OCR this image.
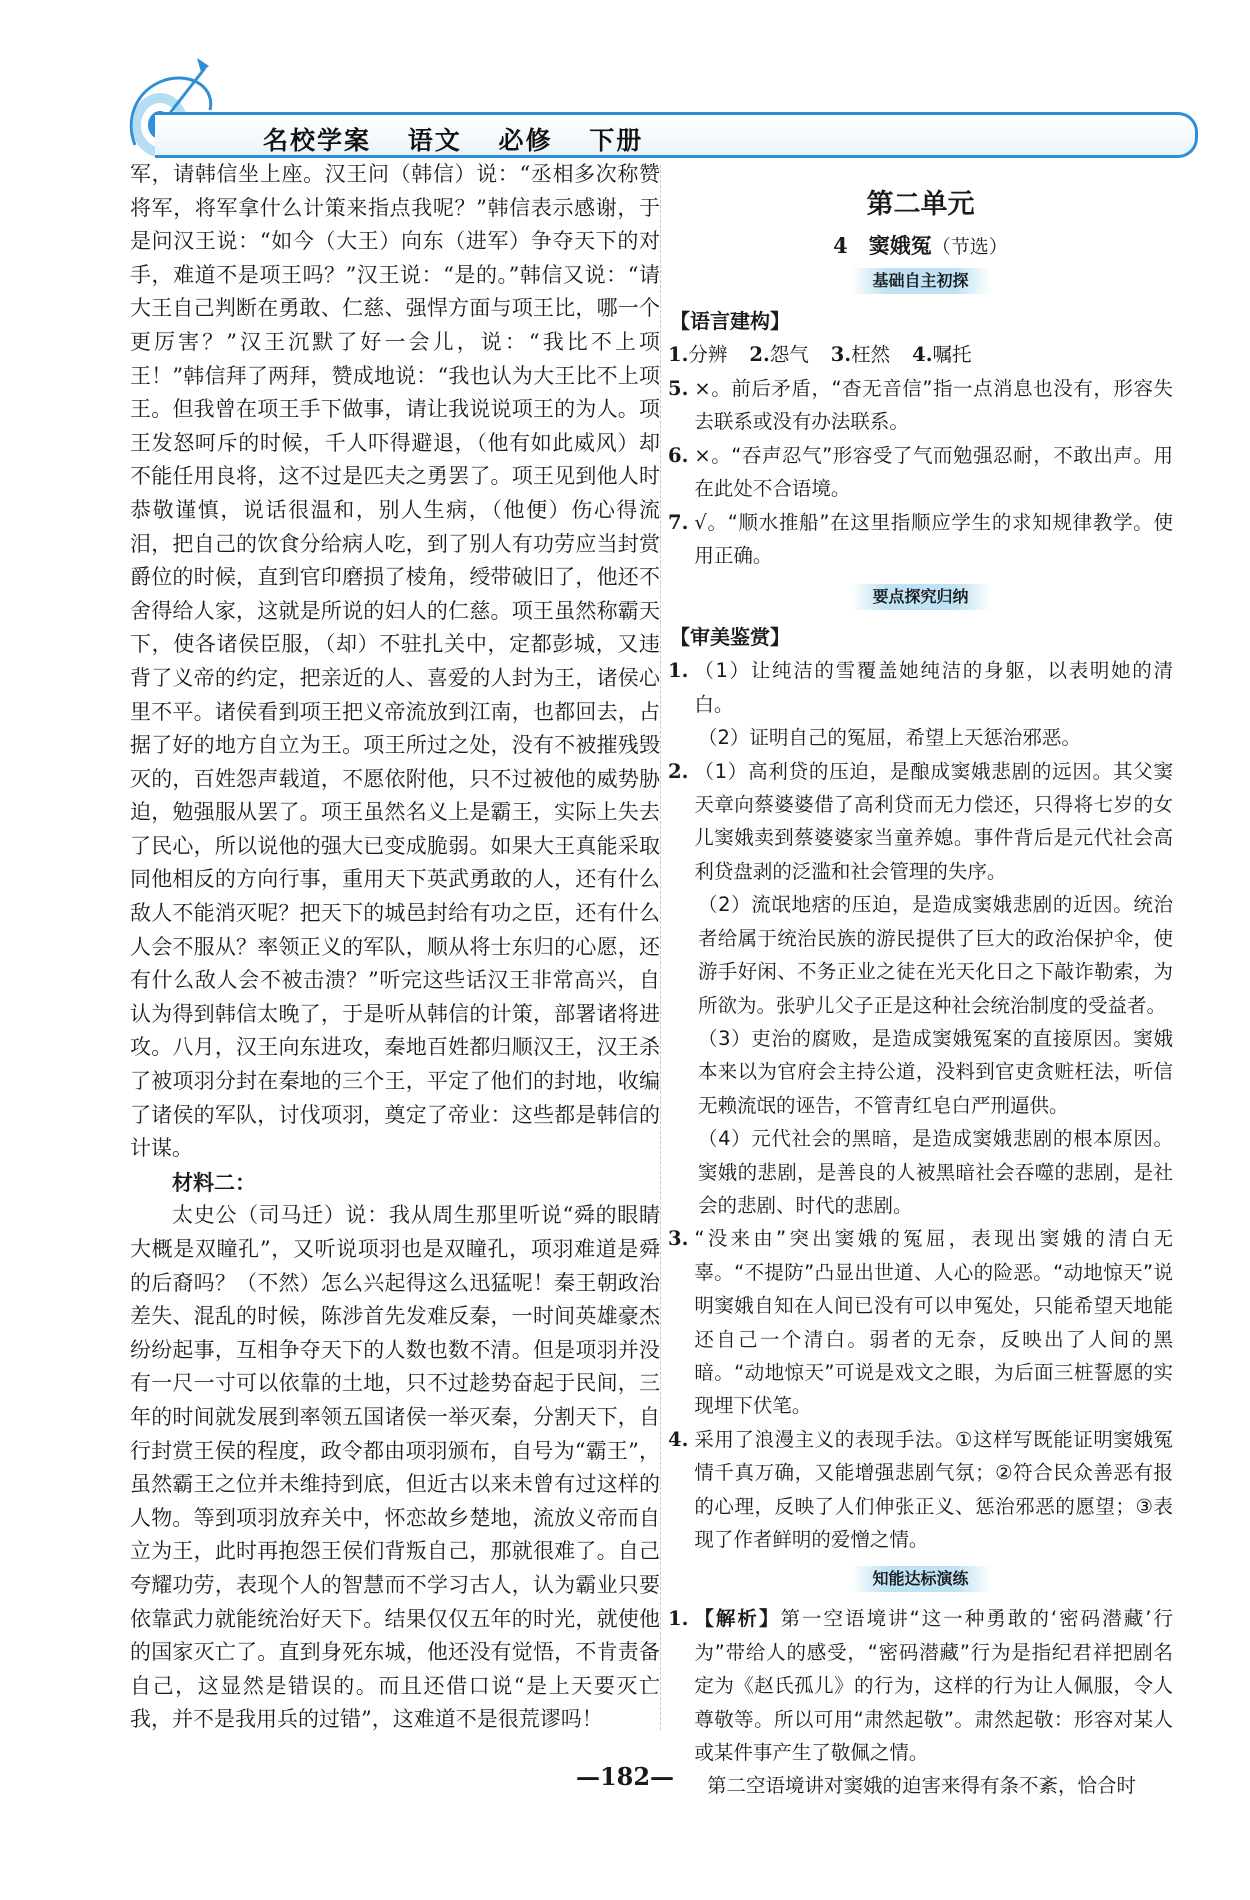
名校学案 语文 必修 下册

军，请韩信坐上座。汉王问（韩信）说：“丞相多次称赞将军，将军拿什么计策来指点我呢？”韩信表示感谢，于是问汉王说：“如今（大王）向东（进军）争夺天下的对手，难道不是项王吗？”汉王说：“是的。”韩信又说：“请大王自己判断在勇敢、仁慈、强悍方面与项王比，哪一个更厉害？”汉王沉默了好一会儿，说：“我比不上项王！”韩信拜了两拜，赞成地说：“我也认为大王比不上项王。但我曾在项王手下做事，请让我说说项王的为人。项王发怒呵斥的时候，千人吓得避退，（他有如此威风）却不能任用良将，这不过是匹夫之勇罢了。项王见到他人时恭敬谨慎，说话很温和，别人生病，（他便）伤心得流泪，把自己的饮食分给病人吃，到了别人有功劳应当封赏爵位的时候，直到官印磨损了棱角，绶带破旧了，他还不舍得给人家，这就是所说的妇人的仁慈。项王虽然称霸天下，使各诸侯臣服，（却）不驻扎关中，定都彭城，又违背了义帝的约定，把亲近的人、喜爱的人封为王，诸侯心里不平。诸侯看到项王把义帝流放到江南，也都回去，占据了好的地方自立为王。项王所过之处，没有不被摧残毁灭的，百姓怨声载道，不愿依附他，只不过被他的威势胁迫，勉强服从罢了。项王虽然名义上是霸王，实际上失去了民心，所以说他的强大已变成脆弱。如果大王真能采取同他相反的方向行事，重用天下英武勇敢的人，还有什么敌人不能消灭呢？把天下的城邑封给有功之臣，还有什么人会不服从？率领正义的军队，顺从将士东归的心愿，还有什么敌人会不被击溃？”听完这些话汉王非常高兴，自认为得到韩信太晚了，于是听从韩信的计策，部署诸将进攻。八月，汉王向东进攻，秦地百姓都归顺汉王，汉王杀了被项羽分封在秦地的三个王，平定了他们的封地，收编了诸侯的军队，讨伐项羽，奠定了帝业：这些都是韩信的计谋。

材料二：

太史公（司马迁）说：我从周生那里听说“舜的眼睛大概是双瞳孔”，又听说项羽也是双瞳孔，项羽难道是舜的后裔吗？（不然）怎么兴起得这么迅猛呢！秦王朝政治差失、混乱的时候，陈涉首先发难反秦，一时间英雄豪杰纷纷起事，互相争夺天下的人数也数不清。但是项羽并没有一尺一寸可以依靠的土地，只不过趁势奋起于民间，三年的时间就发展到率领五国诸侯一举灭秦，分割天下，自行封赏王侯的程度，政令都由项羽颁布，自号为“霸王”，虽然霸王之位并未维持到底，但近古以来未曾有过这样的人物。等到项羽放弃关中，怀恋故乡楚地，流放义帝而自立为王，此时再抱怨王侯们背叛自己，那就很难了。自己夸耀功劳，表现个人的智慧而不学习古人，认为霸业只要依靠武力就能统治好天下。结果仅仅五年的时光，就使他的国家灭亡了。直到身死东城，他还没有觉悟，不肯责备自己，这显然是错误的。而且还借口说“是上天要灭亡我，并不是我用兵的过错”，这难道不是很荒谬吗！

第二单元
4　窦娥冤（节选）
基础自主初探
【语言建构】
1.分辨 2.怨气 3.枉然 4.嘱托
5. ×。前后矛盾，“杳无音信”指一点消息也没有，形容失去联系或没有办法联系。
6. ×。“吞声忍气”形容受了气而勉强忍耐，不敢出声。用在此处不合语境。
7. √。“顺水推船”在这里指顺应学生的求知规律教学。使用正确。
要点探究归纳
【审美鉴赏】
1. （1）让纯洁的雪覆盖她纯洁的身躯，以表明她的清白。
（2）证明自己的冤屈，希望上天惩治邪恶。
2. （1）高利贷的压迫，是酿成窦娥悲剧的远因。其父窦天章向蔡婆婆借了高利贷而无力偿还，只得将七岁的女儿窦娥卖到蔡婆婆家当童养媳。事件背后是元代社会高利贷盘剥的泛滥和社会管理的失序。
（2）流氓地痞的压迫，是造成窦娥悲剧的近因。统治者给属于统治民族的游民提供了巨大的政治保护伞，使游手好闲、不务正业之徒在光天化日之下敲诈勒索，为所欲为。张驴儿父子正是这种社会统治制度的受益者。
（3）吏治的腐败，是造成窦娥冤案的直接原因。窦娥本来以为官府会主持公道，没料到官吏贪赃枉法，听信无赖流氓的诬告，不管青红皂白严刑逼供。
（4）元代社会的黑暗，是造成窦娥悲剧的根本原因。窦娥的悲剧，是善良的人被黑暗社会吞噬的悲剧，是社会的悲剧、时代的悲剧。
3. “没来由”突出窦娥的冤屈，表现出窦娥的清白无辜。“不提防”凸显出世道、人心的险恶。“动地惊天”说明窦娥自知在人间已没有可以申冤处，只能希望天地能还自己一个清白。弱者的无奈，反映出了人间的黑暗。“动地惊天”可说是戏文之眼，为后面三桩誓愿的实现埋下伏笔。
4. 采用了浪漫主义的表现手法。①这样写既能证明窦娥冤情千真万确，又能增强悲剧气氛；②符合民众善恶有报的心理，反映了人们伸张正义、惩治邪恶的愿望；③表现了作者鲜明的爱憎之情。
知能达标演练
1. 【解析】第一空语境讲“这一种勇敢的‘密码潜藏’行为”带给人的感受，“密码潜藏”行为是指纪君祥把剧名定为《赵氏孤儿》的行为，这样的行为让人佩服，令人尊敬等。所以可用“肃然起敬”。肃然起敬：形容对某人或某件事产生了敬佩之情。
第二空语境讲对窦娥的迫害来得有条不紊，恰合时
—182—
